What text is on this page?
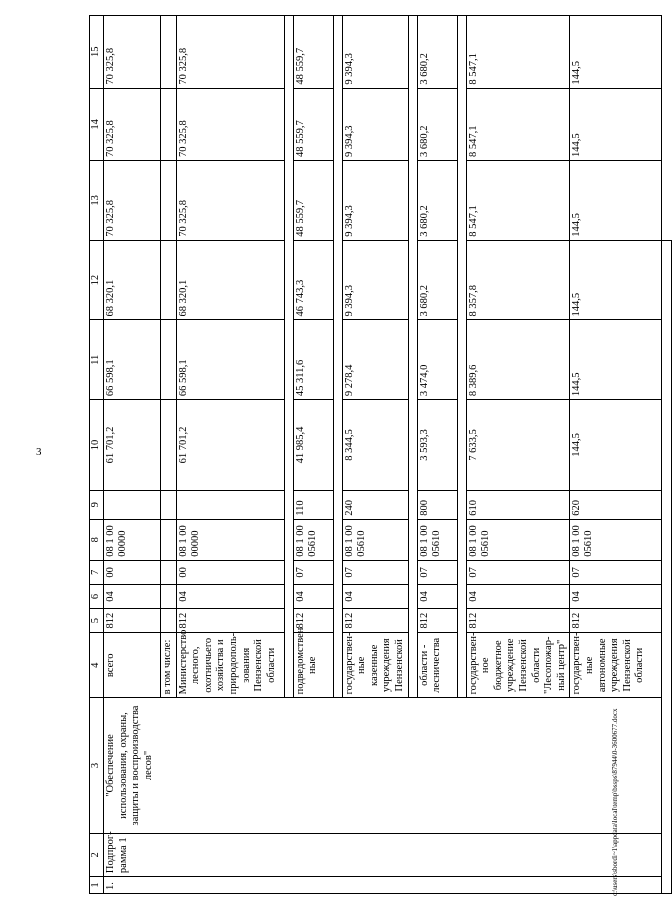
3
1	2	3	4	5	6	7	8	9	10	11	12	13	14	15
1.	Подпрог-рамма 1	"Обеспечение использования, охраны, защиты и воспроизводства лесов"	всего	812	04	00	08 1 00 00000		61 701,2	66 598,1	68 320,1	70 325,8	70 325,8	70 325,8
			в том числе:											
			Министерство лесного, охотничьего хозяйства и природополь-зования Пензенской области	812	04	00	08 1 00 00000		61 701,2	66 598,1	68 320,1	70 325,8	70 325,8	70 325,8

			подведомствен ные	812	04	07	08 1 00 05610	110	41 985,4	45 311,6	46 743,3	48 559,7	48 559,7	48 559,7

			государствен-ные казенные учреждения Пензенской	812	04	07	08 1 00 05610	240	8 344,5	9 278,4	9 394,3	9 394,3	9 394,3	9 394,3

			области - лесничества	812	04	07	08 1 00 05610	800	3 593,3	3 474,0	3 680,2	3 680,2	3 680,2	3 680,2

			государствен-ное бюджетное учреждение Пензенской области "Лесопожар-ный центр"	812	04	07	08 1 00 05610	610	7 633,5	8 389,6	8 357,8	8 547,1	8 547,1	8 547,1
			государствен-ные автономные учреждения Пензенской области	812	04	07	08 1 00 05610	620	144,5	144,5	144,5	144,5	144,5	144,5

c:\users\sbordi~1\appdata\local\temp\bssps\87944\0-3600677.docx
